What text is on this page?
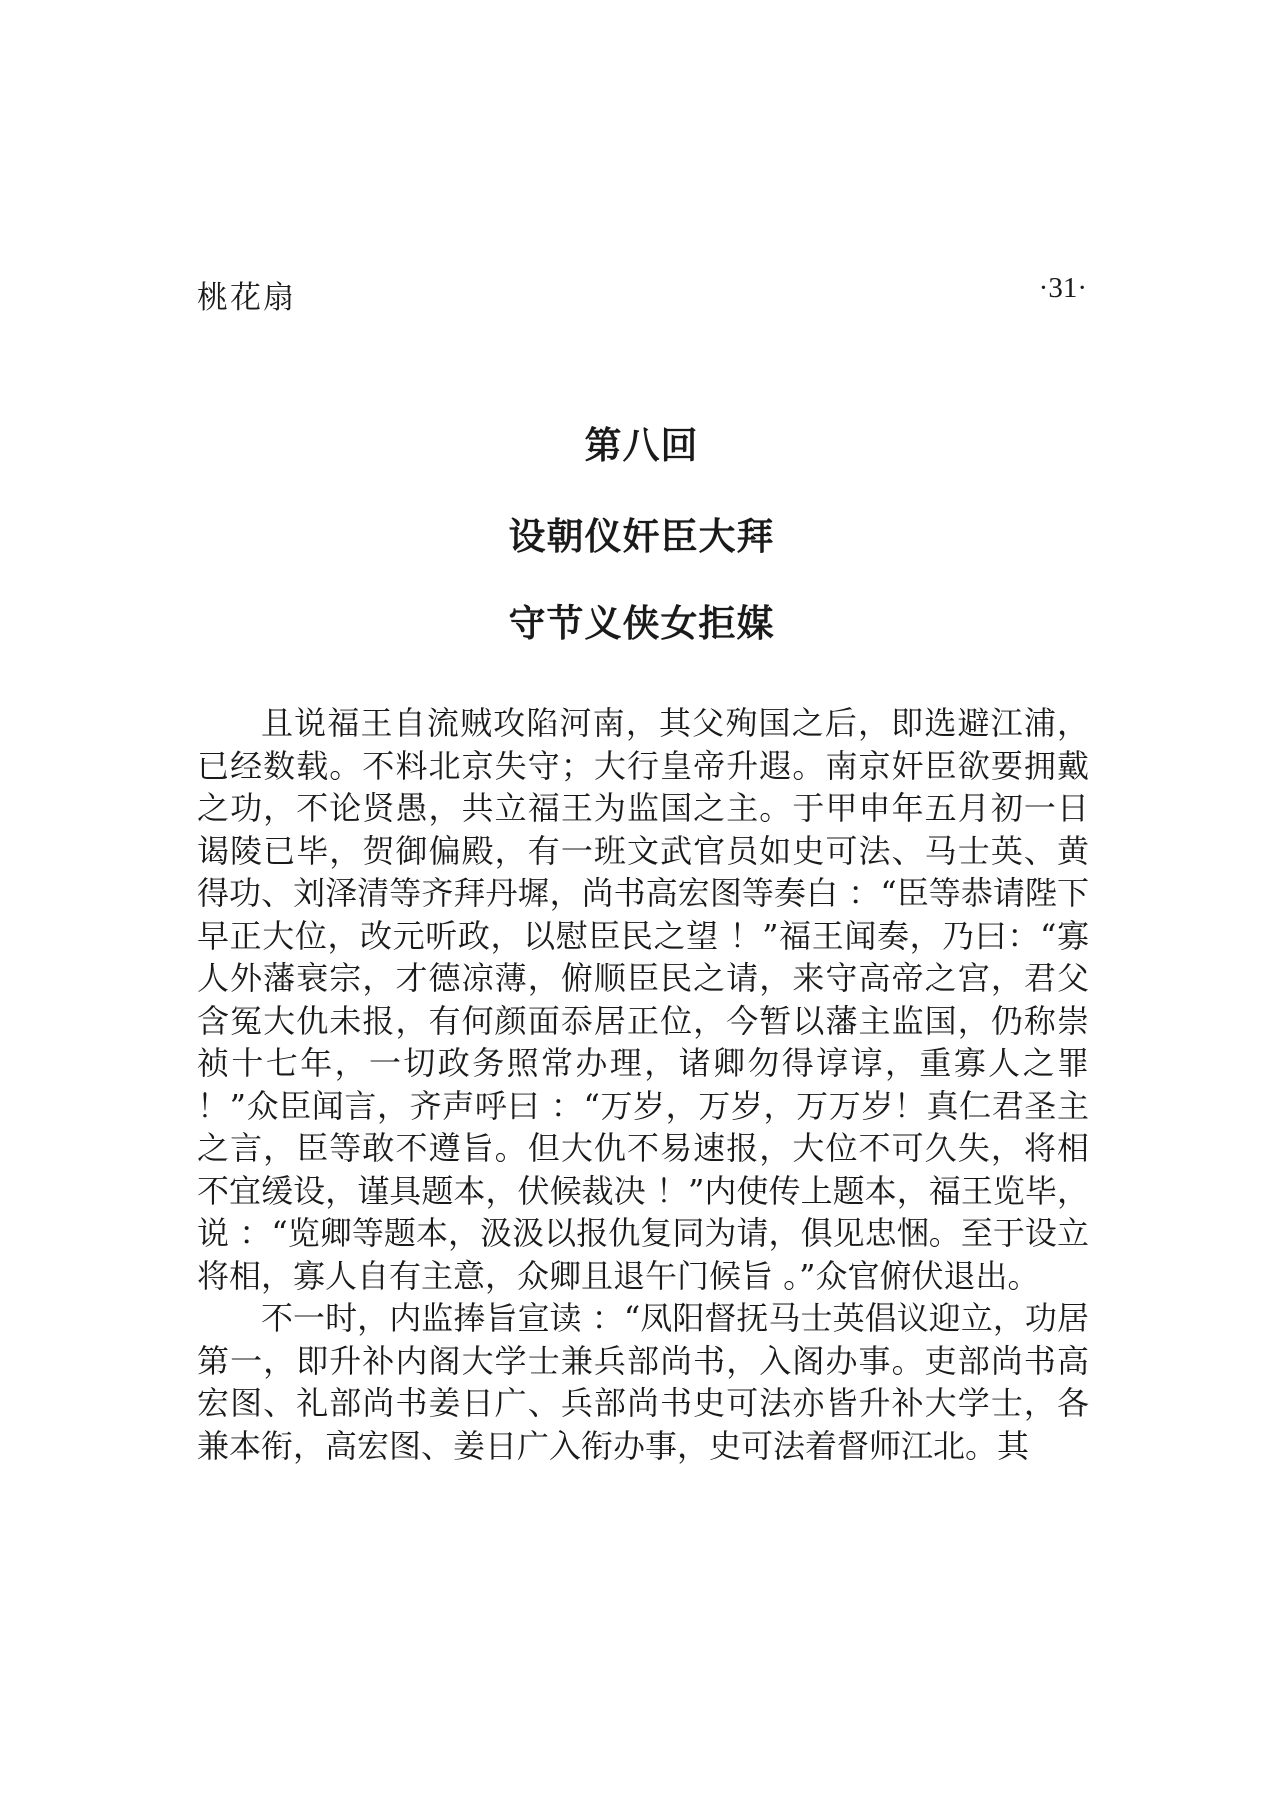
桃花扇	·31·
第八回
设朝仪奸臣大拜
守节义侠女拒媒

且说福王自流贼攻陷河南，其父殉国之后，即选避江浦，已经数载。不料北京失守；大行皇帝升遐。南京奸臣欲要拥戴之功，不论贤愚，共立福王为监国之主。于甲申年五月初一日谒陵已毕，贺御偏殿，有一班文武官员如史可法、马士英、黄得功、刘泽清等齐拜丹墀，尚书高宏图等奏白 ：“臣等恭请陛下早正大位，改元听政，以慰臣民之望 ！”福王闻奏，乃曰：“寡人外藩衰宗，才德凉薄，俯顺臣民之请，来守高帝之宫，君父含冤大仇未报，有何颜面忝居正位，今暂以藩主监国，仍称崇祯十七年，一切政务照常办理，诸卿勿得谆谆，重寡人之罪 ！”众臣闻言，齐声呼曰 ：“万岁，万岁，万万岁！真仁君圣主之言，臣等敢不遵旨。但大仇不易速报，大位不可久失，将相不宜缓设，谨具题本，伏候裁决 ！”内使传上题本，福王览毕，说 ：“览卿等题本，汲汲以报仇复同为请，俱见忠悃。至于设立将相，寡人自有主意，众卿且退午门候旨 。”众官俯伏退出。

不一时，内监捧旨宣读 ：“凤阳督抚马士英倡议迎立，功居第一，即升补内阁大学士兼兵部尚书，入阁办事。吏部尚书高宏图、礼部尚书姜日广、兵部尚书史可法亦皆升补大学士，各兼本衔，高宏图、姜日广入衔办事，史可法着督师江北。其
